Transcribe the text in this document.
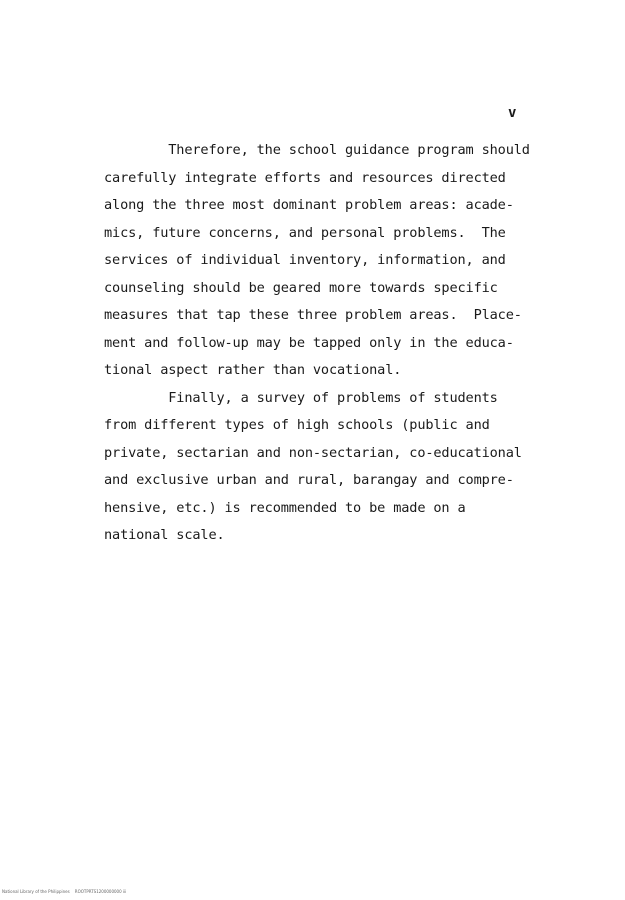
v
Therefore, the school guidance program should
carefully integrate efforts and resources directed
along the three most dominant problem areas: acade-
mics, future concerns, and personal problems.  The
services of individual inventory, information, and
counseling should be geared more towards specific
measures that tap these three problem areas.  Place-
ment and follow-up may be tapped only in the educa-
tional aspect rather than vocational.
Finally, a survey of problems of students
from different types of high schools (public and
private, sectarian and non-sectarian, co-educational
and exclusive urban and rural, barangay and compre-
hensive, etc.) is recommended to be made on a
national scale.
National Library of the Philippines    ROOTPRTS1200000000 iii
